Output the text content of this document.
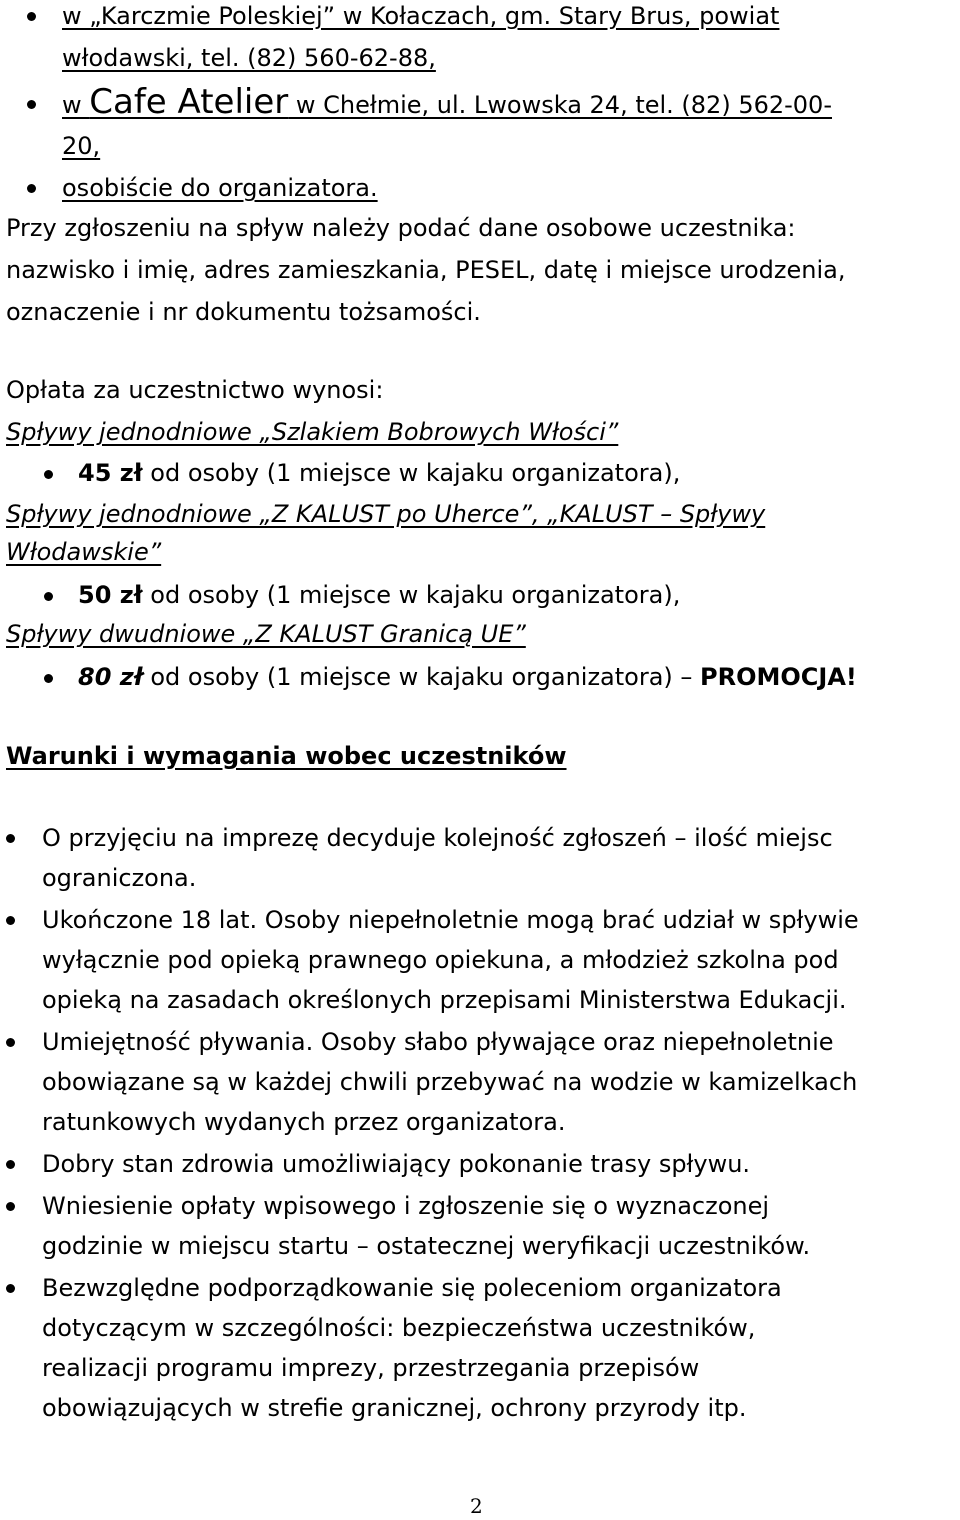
w „Karczmie Poleskiej” w Kołaczach, gm. Stary Brus, powiat
włodawski, tel. (82) 560-62-88,
w Cafe Atelier w Chełmie, ul. Lwowska 24, tel. (82) 562-00-
20,
osobiście do organizatora.
Przy zgłoszeniu na spływ należy podać dane osobowe uczestnika:
nazwisko i imię, adres zamieszkania, PESEL, datę i miejsce urodzenia,
oznaczenie i nr dokumentu tożsamości.
Opłata za uczestnictwo wynosi:
Spływy jednodniowe „Szlakiem Bobrowych Włości”
45 zł od osoby (1 miejsce w kajaku organizatora),
Spływy jednodniowe „Z KALUST po Uherce”, „KALUST – Spływy
Włodawskie”
50 zł od osoby (1 miejsce w kajaku organizatora),
Spływy dwudniowe „Z KALUST Granicą UE”
80 zł od osoby (1 miejsce w kajaku organizatora) – PROMOCJA!
Warunki i wymagania wobec uczestników
O przyjęciu na imprezę decyduje kolejność zgłoszeń – ilość miejsc
ograniczona.
Ukończone 18 lat. Osoby niepełnoletnie mogą brać udział w spływie
wyłącznie pod opieką prawnego opiekuna, a młodzież szkolna pod
opieką na zasadach określonych przepisami Ministerstwa Edukacji.
Umiejętność pływania. Osoby słabo pływające oraz niepełnoletnie
obowiązane są w każdej chwili przebywać na wodzie w kamizelkach
ratunkowych wydanych przez organizatora.
Dobry stan zdrowia umożliwiający pokonanie trasy spływu.
Wniesienie opłaty wpisowego i zgłoszenie się o wyznaczonej
godzinie w miejscu startu – ostatecznej weryfikacji uczestników.
Bezwzględne podporządkowanie się poleceniom organizatora
dotyczącym w szczególności: bezpieczeństwa uczestników,
realizacji programu imprezy, przestrzegania przepisów
obowiązujących w strefie granicznej, ochrony przyrody itp.
2
